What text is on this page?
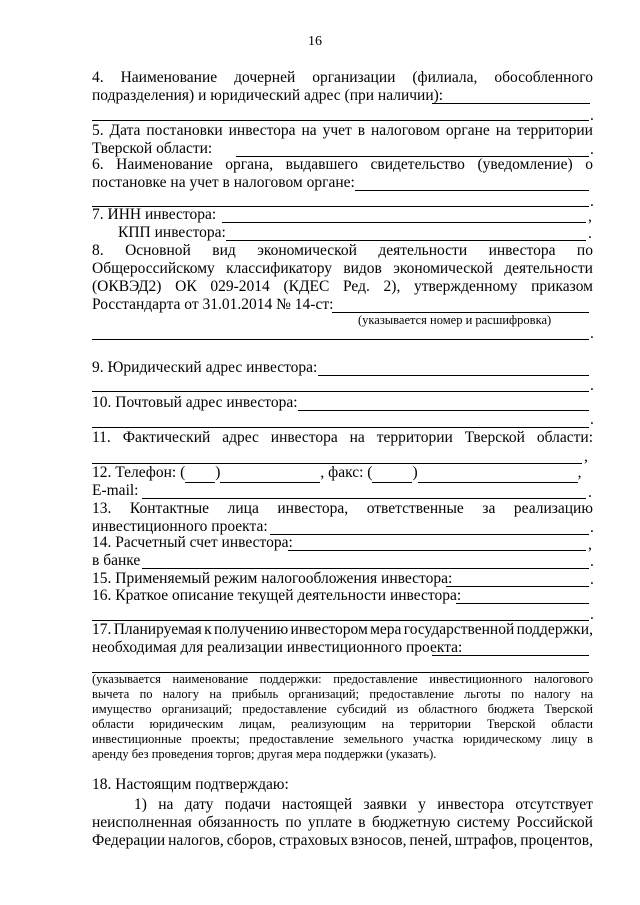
16
4. Наименование дочерней организации (филиала, обособленного
подразделения) и юридический адрес (при наличии):
.
5. Дата постановки инвестора на учет в налоговом органе на территории
Тверской области:	.
6. Наименование органа, выдавшего свидетельство (уведомление) о
постановке на учет в налоговом органе:
.
7. ИНН инвестора:	,
КПП инвестора:	.
8. Основной вид экономической деятельности инвестора по
Общероссийскому классификатору видов экономической деятельности
(ОКВЭД2) ОК 029-2014 (КДЕС Ред. 2), утвержденному приказом
Росстандарта от 31.01.2014 № 14-ст:
(указывается номер и расшифровка)
.
9. Юридический адрес инвестора:
.
10. Почтовый адрес инвестора:
.
11. Фактический адрес инвестора на территории Тверской области:
,
12. Телефон: ( )	, факс: (	)	,
E-mail:	.
13. Контактные лица инвестора, ответственные за реализацию
инвестиционного проекта:	.
14. Расчетный счет инвестора:	,
в банке	.
15. Применяемый режим налогообложения инвестора:	.
16. Краткое описание текущей деятельности инвестора:
.
17. Планируемая к получению инвестором мера государственной поддержки,
необходимая для реализации инвестиционного проекта:
(указывается наименование поддержки: предоставление инвестиционного налогового
вычета по налогу на прибыль организаций; предоставление льготы по налогу на
имуществo организаций; предоставление субсидий из областного бюджета Тверской
области юридическим лицам, реализующим на территории Тверской области
инвестиционные проекты; предоставление земельного участка юридическому лицу в
аренду без проведения торгов; другая мера поддержки (указать).
18. Настоящим подтверждаю:
1) на дату подачи настоящей заявки у инвестора отсутствует
неисполненная обязанность по уплате в бюджетную систему Российской
Федерации налогов, сборов, страховых взносов, пеней, штрафов, процентов,
